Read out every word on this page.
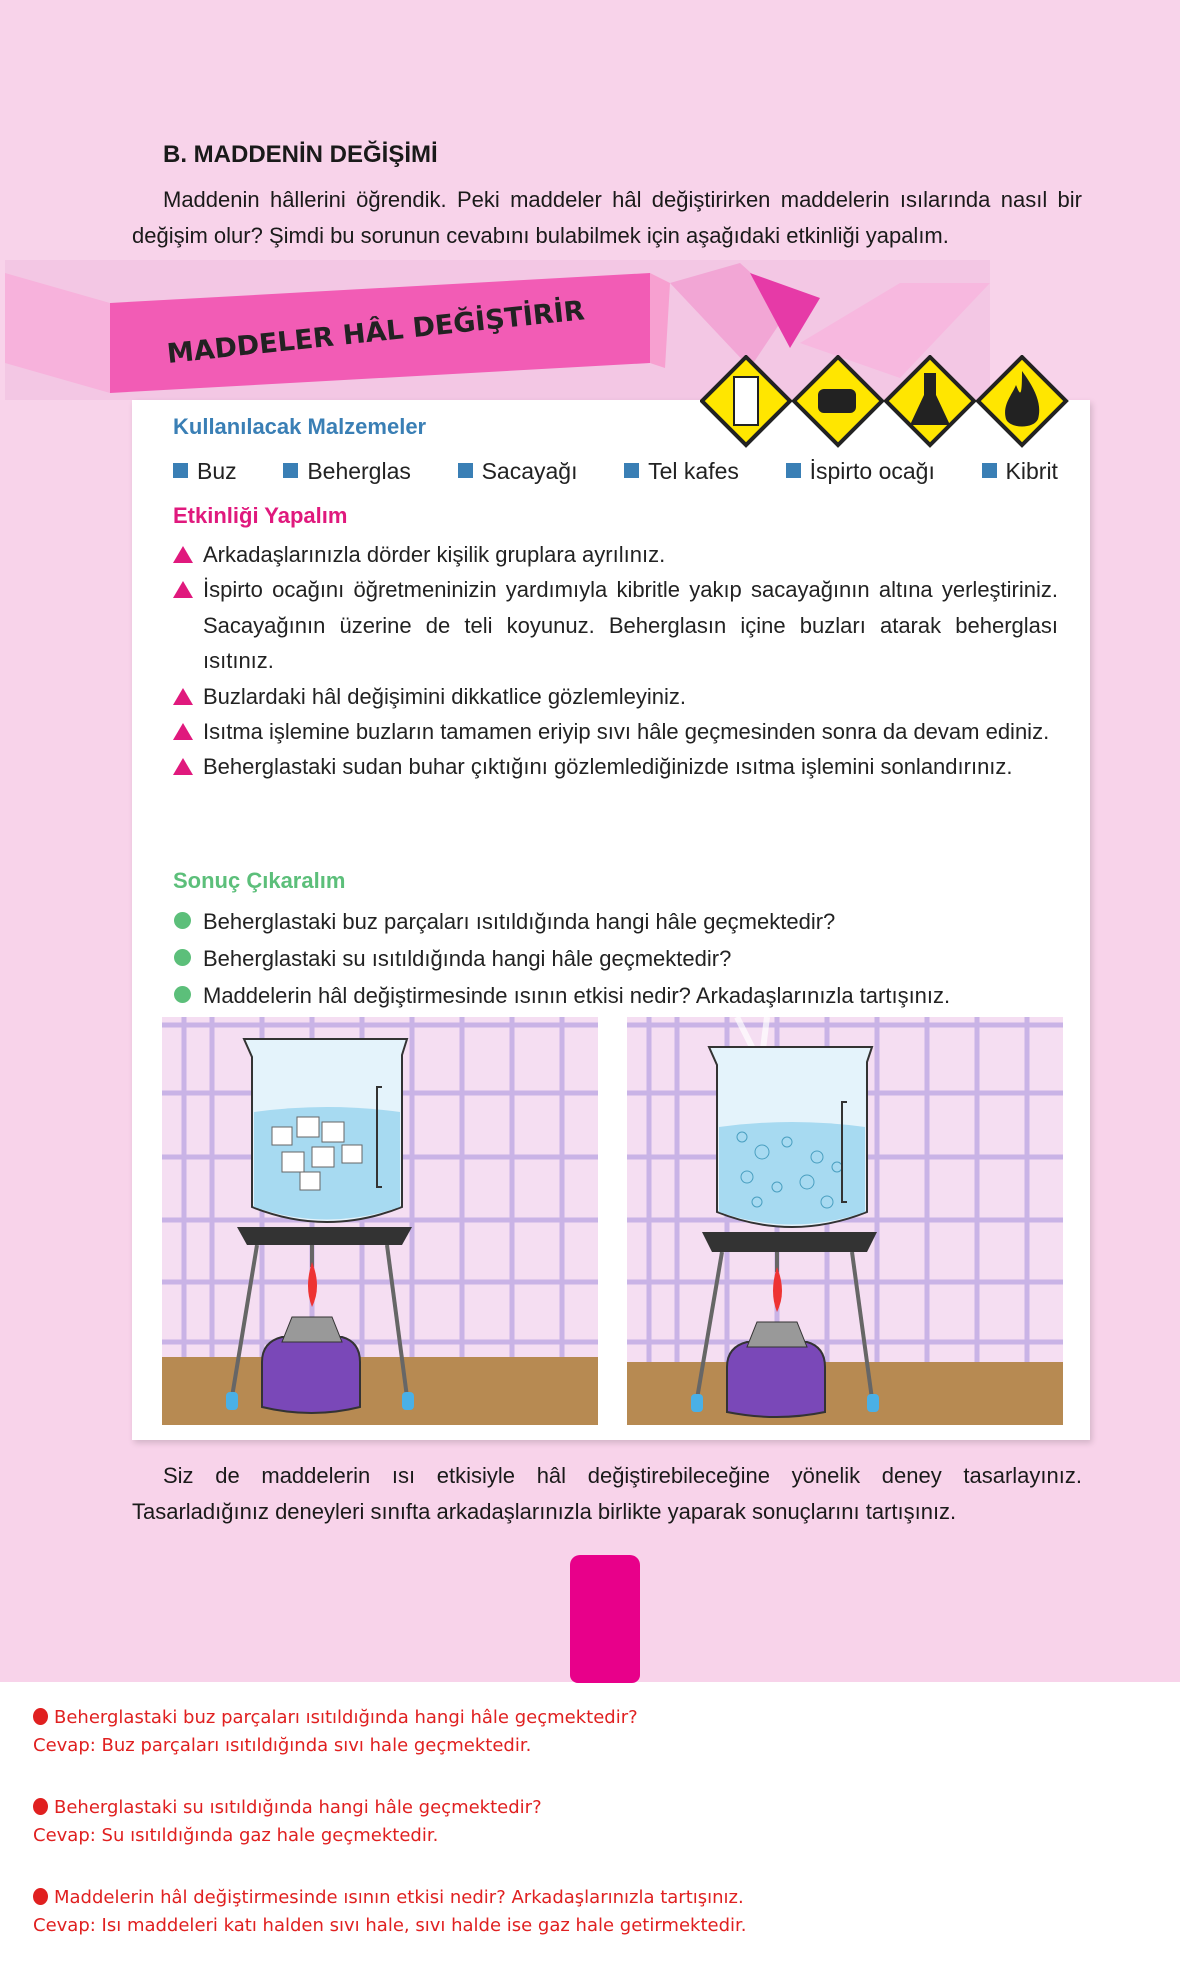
B. MADDENİN DEĞİŞİMİ
Maddenin hâllerini öğrendik. Peki maddeler hâl değiştirirken maddelerin ısılarında nasıl bir değişim olur? Şimdi bu sorunun cevabını bulabilmek için aşağıdaki etkinliği yapalım.
MADDELER HÂL DEĞİŞTİRİR
Kullanılacak Malzemeler
Buz	Beherglas	Sacayağı	Tel kafes	İspirto ocağı	Kibrit
Etkinliği Yapalım
Arkadaşlarınızla dörder kişilik gruplara ayrılınız.
İspirto ocağını öğretmeninizin yardımıyla kibritle yakıp sacayağının altına yerleştiriniz. Sacayağının üzerine de teli koyunuz. Beherglasın içine buzları atarak beherglası ısıtınız.
Buzlardaki hâl değişimini dikkatlice gözlemleyiniz.
Isıtma işlemine buzların tamamen eriyip sıvı hâle geçmesinden sonra da devam ediniz.
Beherglastaki sudan buhar çıktığını gözlemlediğinizde ısıtma işlemini sonlandırınız.
Sonuç Çıkaralım
Beherglastaki buz parçaları ısıtıldığında hangi hâle geçmektedir?
Beherglastaki su ısıtıldığında hangi hâle geçmektedir?
Maddelerin hâl değiştirmesinde ısının etkisi nedir? Arkadaşlarınızla tartışınız.
Siz de maddelerin ısı etkisiyle hâl değiştirebileceğine yönelik deney tasarlayınız. Tasarladığınız deneyleri sınıfta arkadaşlarınızla birlikte yaparak sonuçlarını tartışınız.

Beherglastaki buz parçaları ısıtıldığında hangi hâle geçmektedir?
Cevap: Buz parçaları ısıtıldığında sıvı hale geçmektedir.

Beherglastaki su ısıtıldığında hangi hâle geçmektedir?
Cevap: Su ısıtıldığında gaz hale geçmektedir.

Maddelerin hâl değiştirmesinde ısının etkisi nedir? Arkadaşlarınızla tartışınız.
Cevap: Isı maddeleri katı halden sıvı hale, sıvı halde ise gaz hale getirmektedir.
